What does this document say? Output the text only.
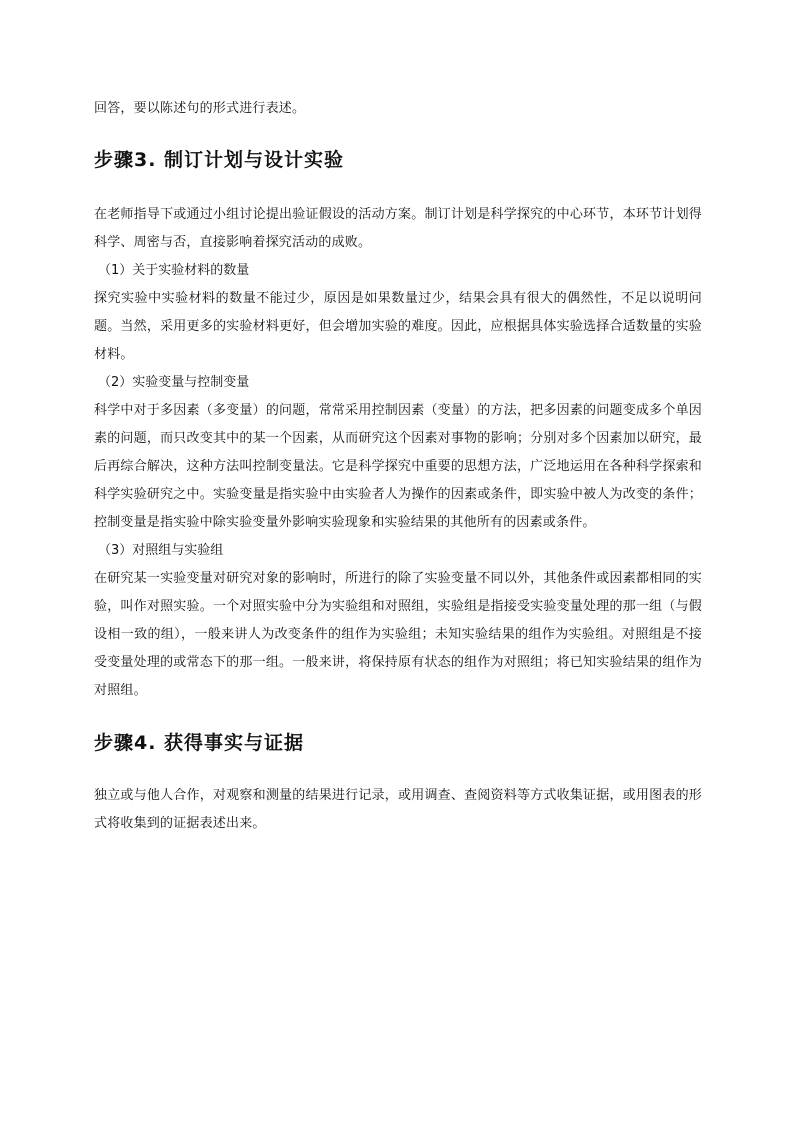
回答，要以陈述句的形式进行表述。

步骤3. 制订计划与设计实验

在老师指导下或通过小组讨论提出验证假设的活动方案。制订计划是科学探究的中心环节，本环节计划得科学、周密与否，直接影响着探究活动的成败。

（1）关于实验材料的数量

探究实验中实验材料的数量不能过少，原因是如果数量过少，结果会具有很大的偶然性，不足以说明问题。当然，采用更多的实验材料更好，但会增加实验的难度。因此，应根据具体实验选择合适数量的实验材料。

（2）实验变量与控制变量

科学中对于多因素（多变量）的问题，常常采用控制因素（变量）的方法，把多因素的问题变成多个单因素的问题，而只改变其中的某一个因素，从而研究这个因素对事物的影响；分别对多个因素加以研究，最后再综合解决，这种方法叫控制变量法。它是科学探究中重要的思想方法，广泛地运用在各种科学探索和科学实验研究之中。实验变量是指实验中由实验者人为操作的因素或条件，即实验中被人为改变的条件；控制变量是指实验中除实验变量外影响实验现象和实验结果的其他所有的因素或条件。

（3）对照组与实验组

在研究某一实验变量对研究对象的影响时，所进行的除了实验变量不同以外，其他条件或因素都相同的实验，叫作对照实验。一个对照实验中分为实验组和对照组，实验组是指接受实验变量处理的那一组（与假设相一致的组），一般来讲人为改变条件的组作为实验组；未知实验结果的组作为实验组。对照组是不接受变量处理的或常态下的那一组。一般来讲，将保持原有状态的组作为对照组；将已知实验结果的组作为对照组。

步骤4. 获得事实与证据

独立或与他人合作，对观察和测量的结果进行记录，或用调查、查阅资料等方式收集证据，或用图表的形式将收集到的证据表述出来。
